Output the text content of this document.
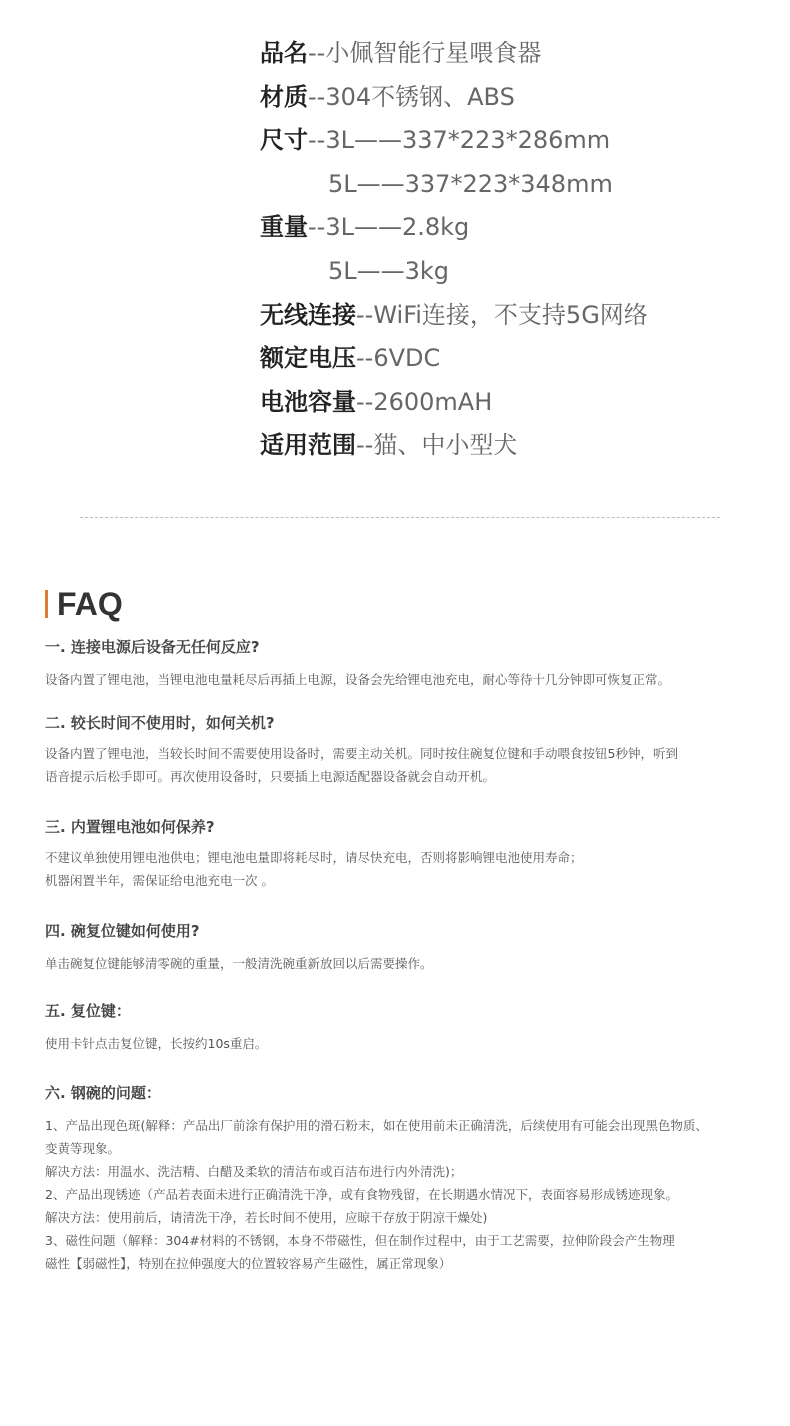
品名--小佩智能行星喂食器
材质--304不锈钢、ABS
尺寸--3L——337*223*286mm
5L——337*223*348mm
重量--3L——2.8kg
5L——3kg
无线连接--WiFi连接，不支持5G网络
额定电压--6VDC
电池容量--2600mAH
适用范围--猫、中小型犬
FAQ

一. 连接电源后设备无任何反应?

设备内置了锂电池，当锂电池电量耗尽后再插上电源，设备会先给锂电池充电，耐心等待十几分钟即可恢复正常。

二. 较长时间不使用时，如何关机?

设备内置了锂电池，当较长时间不需要使用设备时，需要主动关机。同时按住碗复位键和手动喂食按钮5秒钟，听到
语音提示后松手即可。再次使用设备时，只要插上电源适配器设备就会自动开机。

三. 内置锂电池如何保养?

不建议单独使用锂电池供电；锂电池电量即将耗尽时，请尽快充电，否则将影响锂电池使用寿命；
机器闲置半年，需保证给电池充电一次 。

四. 碗复位键如何使用?

单击碗复位键能够清零碗的重量，一般清洗碗重新放回以后需要操作。

五. 复位键：

使用卡针点击复位键，长按约10s重启。

六. 钢碗的问题：

1、产品出现色斑(解释：产品出厂前涂有保护用的滑石粉末，如在使用前未正确清洗，后续使用有可能会出现黑色物质、
变黄等现象。
解决方法：用温水、洗洁精、白醋及柔软的清洁布或百洁布进行内外清洗)；
2、产品出现锈迹（产品若表面未进行正确清洗干净，或有食物残留，在长期遇水情况下，表面容易形成锈迹现象。
解决方法：使用前后，请清洗干净，若长时间不使用，应晾干存放于阴凉干燥处)
3、磁性问题（解释：304#材料的不锈钢，本身不带磁性，但在制作过程中，由于工艺需要，拉伸阶段会产生物理
磁性【弱磁性】，特别在拉伸强度大的位置较容易产生磁性，属正常现象）
